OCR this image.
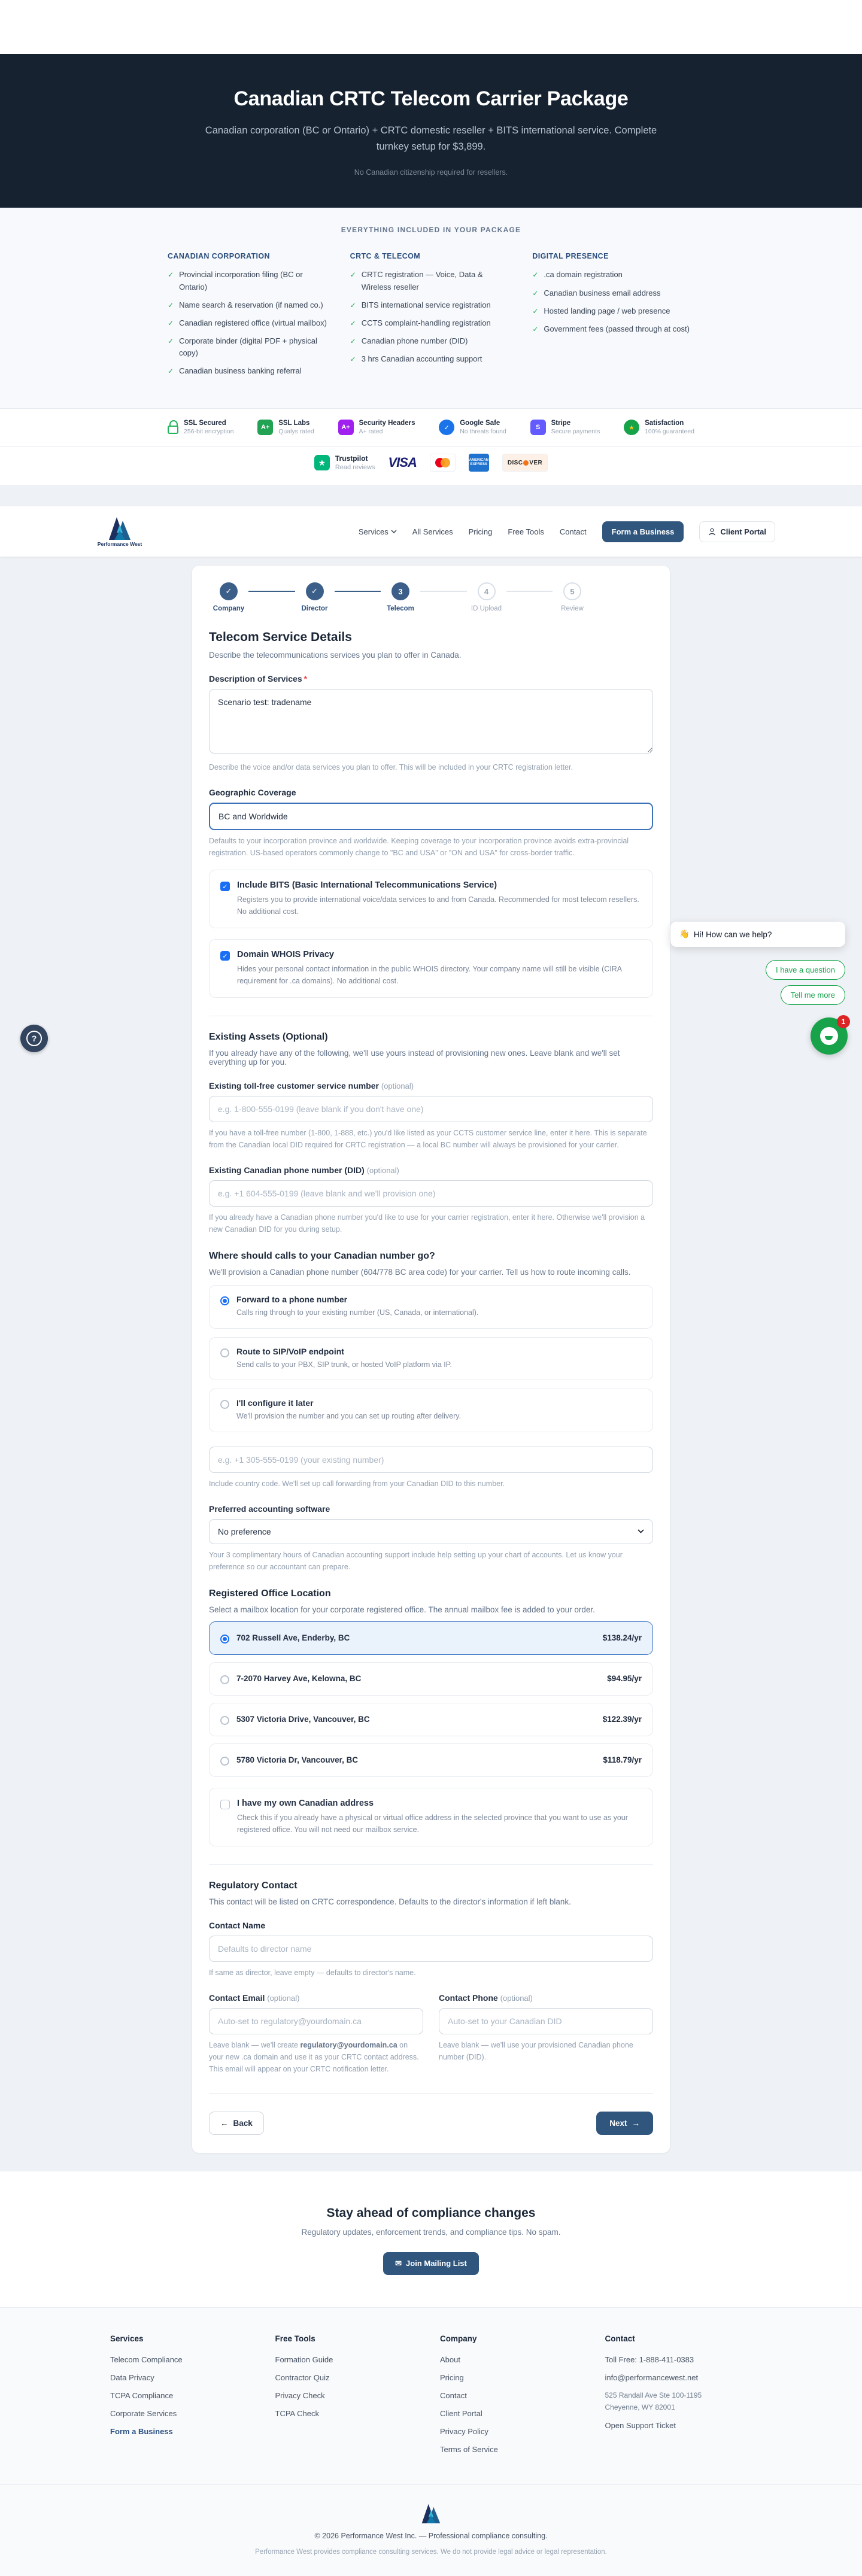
Canadian CRTC Telecom Carrier Package

Canadian corporation (BC or Ontario) + CRTC domestic reseller + BITS international service. Complete turnkey setup for $3,899.

No Canadian citizenship required for resellers.

EVERYTHING INCLUDED IN YOUR PACKAGE
CANADIAN CORPORATION
✓ Provincial incorporation filing (BC or Ontario)
✓ Name search & reservation (if named co.)
✓ Canadian registered office (virtual mailbox)
✓ Corporate binder (digital PDF + physical copy)
✓ Canadian business banking referral
CRTC & TELECOM
✓ CRTC registration — Voice, Data & Wireless reseller
✓ BITS international service registration
✓ CCTS complaint-handling registration
✓ Canadian phone number (DID)
✓ 3 hrs Canadian accounting support
DIGITAL PRESENCE
✓ .ca domain registration
✓ Canadian business email address
✓ Hosted landing page / web presence
✓ Government fees (passed through at cost)
SSL Secured
256-bit encryption
A+
SSL Labs
Qualys rated
A+
Security Headers
A+ rated
✓
Google Safe
No threats found
S
Stripe
Secure payments
★
Satisfaction
100% guaranteed
★	Trustpilot
Read reviews VISA	AMERICAN EXPRESS	DISC VER
Performance West
Services	All Services Pricing Free Tools Contact	Form a Business	Client Portal
✓
Company
✓
Director
3
Telecom
4
ID Upload
5
Review
Telecom Service Details

Describe the telecommunications services you plan to offer in Canada.

Description of Services *
Scenario test: tradename

Describe the voice and/or data services you plan to offer. This will be included in your CRTC registration letter.

Geographic Coverage
BC and Worldwide

Defaults to your incorporation province and worldwide. Keeping coverage to your incorporation province avoids extra-provincial registration. US-based operators commonly change to "BC and USA" or "ON and USA" for cross-border traffic.

✓ Include BITS (Basic International Telecommunications Service)
Registers you to provide international voice/data services to and from Canada. Recommended for most telecom resellers. No additional cost.
✓ Domain WHOIS Privacy
Hides your personal contact information in the public WHOIS directory. Your company name will still be visible (CIRA requirement for .ca domains). No additional cost.
Existing Assets (Optional)

If you already have any of the following, we'll use yours instead of provisioning new ones. Leave blank and we'll set everything up for you.

Existing toll-free customer service number (optional)
e.g. 1-800-555-0199 (leave blank if you don't have one)

If you have a toll-free number (1-800, 1-888, etc.) you'd like listed as your CCTS customer service line, enter it here. This is separate from the Canadian local DID required for CRTC registration — a local BC number will always be provisioned for your carrier.

Existing Canadian phone number (DID) (optional)
e.g. +1 604-555-0199 (leave blank and we'll provision one)

If you already have a Canadian phone number you'd like to use for your carrier registration, enter it here. Otherwise we'll provision a new Canadian DID for you during setup.

Where should calls to your Canadian number go?

We'll provision a Canadian phone number (604/778 BC area code) for your carrier. Tell us how to route incoming calls.

Forward to a phone number
Calls ring through to your existing number (US, Canada, or international).
Route to SIP/VoIP endpoint
Send calls to your PBX, SIP trunk, or hosted VoIP platform via IP.
I'll configure it later
We'll provision the number and you can set up routing after delivery.
e.g. +1 305-555-0199 (your existing number)

Include country code. We'll set up call forwarding from your Canadian DID to this number.

Preferred accounting software
No preference

Your 3 complimentary hours of Canadian accounting support include help setting up your chart of accounts. Let us know your preference so our accountant can prepare.

Registered Office Location

Select a mailbox location for your corporate registered office. The annual mailbox fee is added to your order.

702 Russell Ave, Enderby, BC	$138.24/yr
7-2070 Harvey Ave, Kelowna, BC	$94.95/yr
5307 Victoria Drive, Vancouver, BC	$122.39/yr
5780 Victoria Dr, Vancouver, BC	$118.79/yr
I have my own Canadian address
Check this if you already have a physical or virtual office address in the selected province that you want to use as your registered office. You will not need our mailbox service.
Regulatory Contact

This contact will be listed on CRTC correspondence. Defaults to the director's information if left blank.

Contact Name
Defaults to director name

If same as director, leave empty — defaults to director's name.

Contact Email (optional)
Auto-set to regulatory@yourdomain.ca

Leave blank — we'll create regulatory@yourdomain.ca on your new .ca domain and use it as your CRTC contact address. This email will appear on your CRTC notification letter.

Contact Phone (optional)
Auto-set to your Canadian DID

Leave blank — we'll use your provisioned Canadian phone number (DID).

← Back	Next →
Stay ahead of compliance changes

Regulatory updates, enforcement trends, and compliance tips. No spam.

✉ Join Mailing List
Services
Telecom Compliance
Data Privacy
TCPA Compliance
Corporate Services
Form a Business
Free Tools
Formation Guide
Contractor Quiz
Privacy Check
TCPA Check
Company
About
Pricing
Contact
Client Portal
Privacy Policy
Terms of Service
Contact
Toll Free: 1-888-411-0383
info@performancewest.net
525 Randall Ave Ste 100-1195
Cheyenne, WY 82001
Open Support Ticket
© 2026 Performance West Inc. — Professional compliance consulting.
Performance West provides compliance consulting services. We do not provide legal advice or legal representation.
?
👋 Hi! How can we help?
I have a question
Tell me more
1
